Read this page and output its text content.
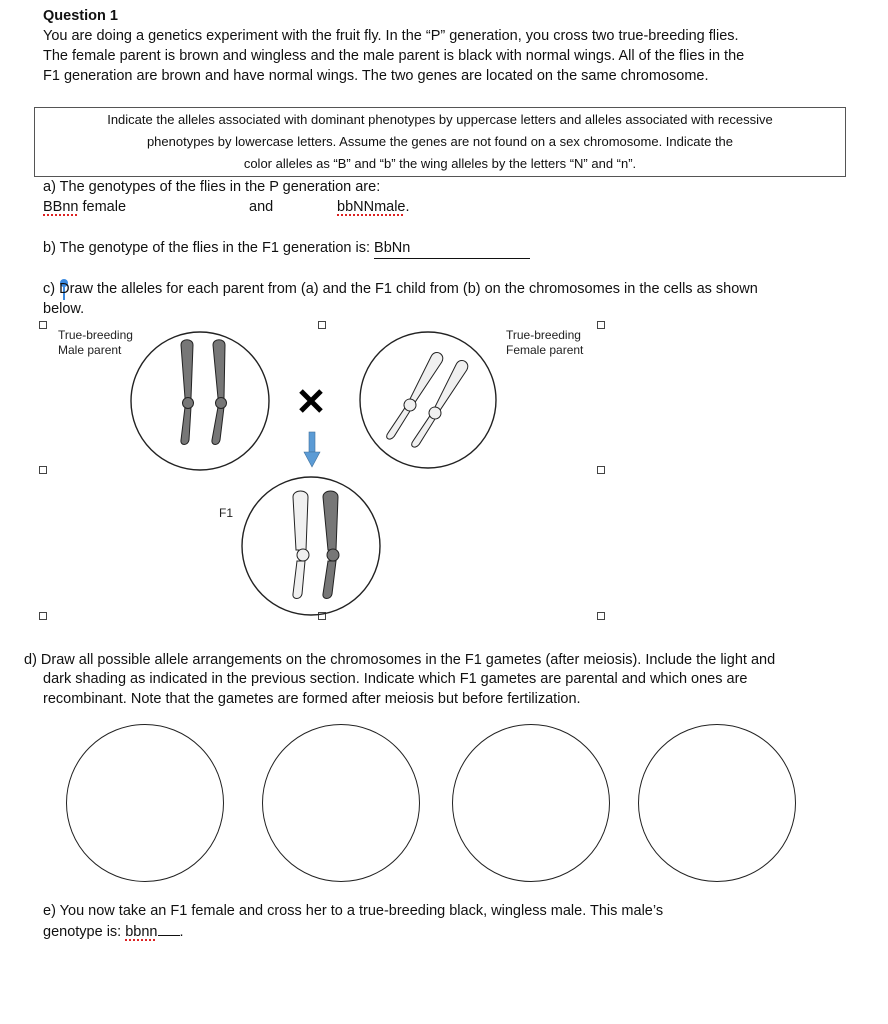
Question 1
You are doing a genetics experiment with the fruit fly. In the “P” generation, you cross two true-breeding flies.
The female parent is brown and wingless and the male parent is black with normal wings. All of the flies in the
F1 generation are brown and have normal wings. The two genes are located on the same chromosome.
Indicate the alleles associated with dominant phenotypes by uppercase letters and alleles associated with recessive
phenotypes by lowercase letters. Assume the genes are not found on a sex chromosome. Indicate the
color alleles as “B” and “b” the wing alleles by the letters “N” and “n”.
a) The genotypes of the flies in the P generation are:
BBnn female	and	bbNNmale.
b) The genotype of the flies in the F1 generation is: BbNn
c) Draw the alleles for each parent from (a) and the F1 child from (b) on the chromosomes in the cells as shown
below.
True-breeding
Male parent
True-breeding
Female parent
F1
d) Draw all possible allele arrangements on the chromosomes in the F1 gametes (after meiosis). Include the light and
dark shading as indicated in the previous section. Indicate which F1 gametes are parental and which ones are
recombinant. Note that the gametes are formed after meiosis but before fertilization.
e) You now take an F1 female and cross her to a true-breeding black, wingless male. This male’s
genotype is: bbnn .
